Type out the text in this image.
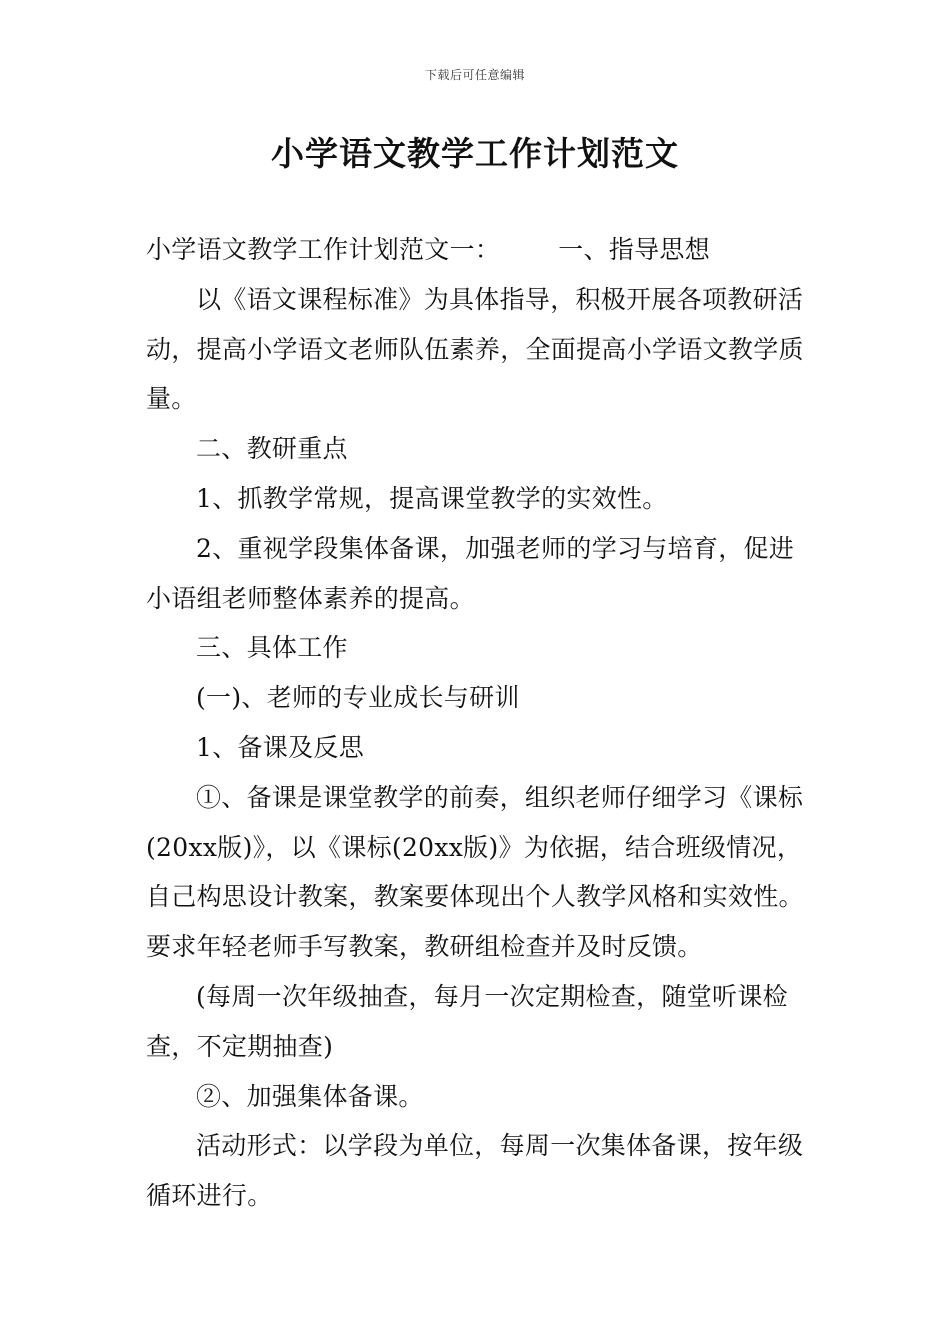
下载后可任意编辑
小学语文教学工作计划范文

小学语文教学工作计划范文一： 一、指导思想

以《语文课程标准》为具体指导，积极开展各项教研活动，提高小学语文老师队伍素养，全面提高小学语文教学质量。

二、教研重点

1、抓教学常规，提高课堂教学的实效性。

2、重视学段集体备课，加强老师的学习与培育，促进小语组老师整体素养的提高。

三、具体工作

(一)、老师的专业成长与研训

1、备课及反思

①、备课是课堂教学的前奏，组织老师仔细学习《课标(20xx版)》，以《课标(20xx版)》为依据，结合班级情况，自己构思设计教案，教案要体现出个人教学风格和实效性。要求年轻老师手写教案，教研组检查并及时反馈。

(每周一次年级抽查，每月一次定期检查，随堂听课检查，不定期抽查)

②、加强集体备课。

活动形式：以学段为单位，每周一次集体备课，按年级循环进行。
